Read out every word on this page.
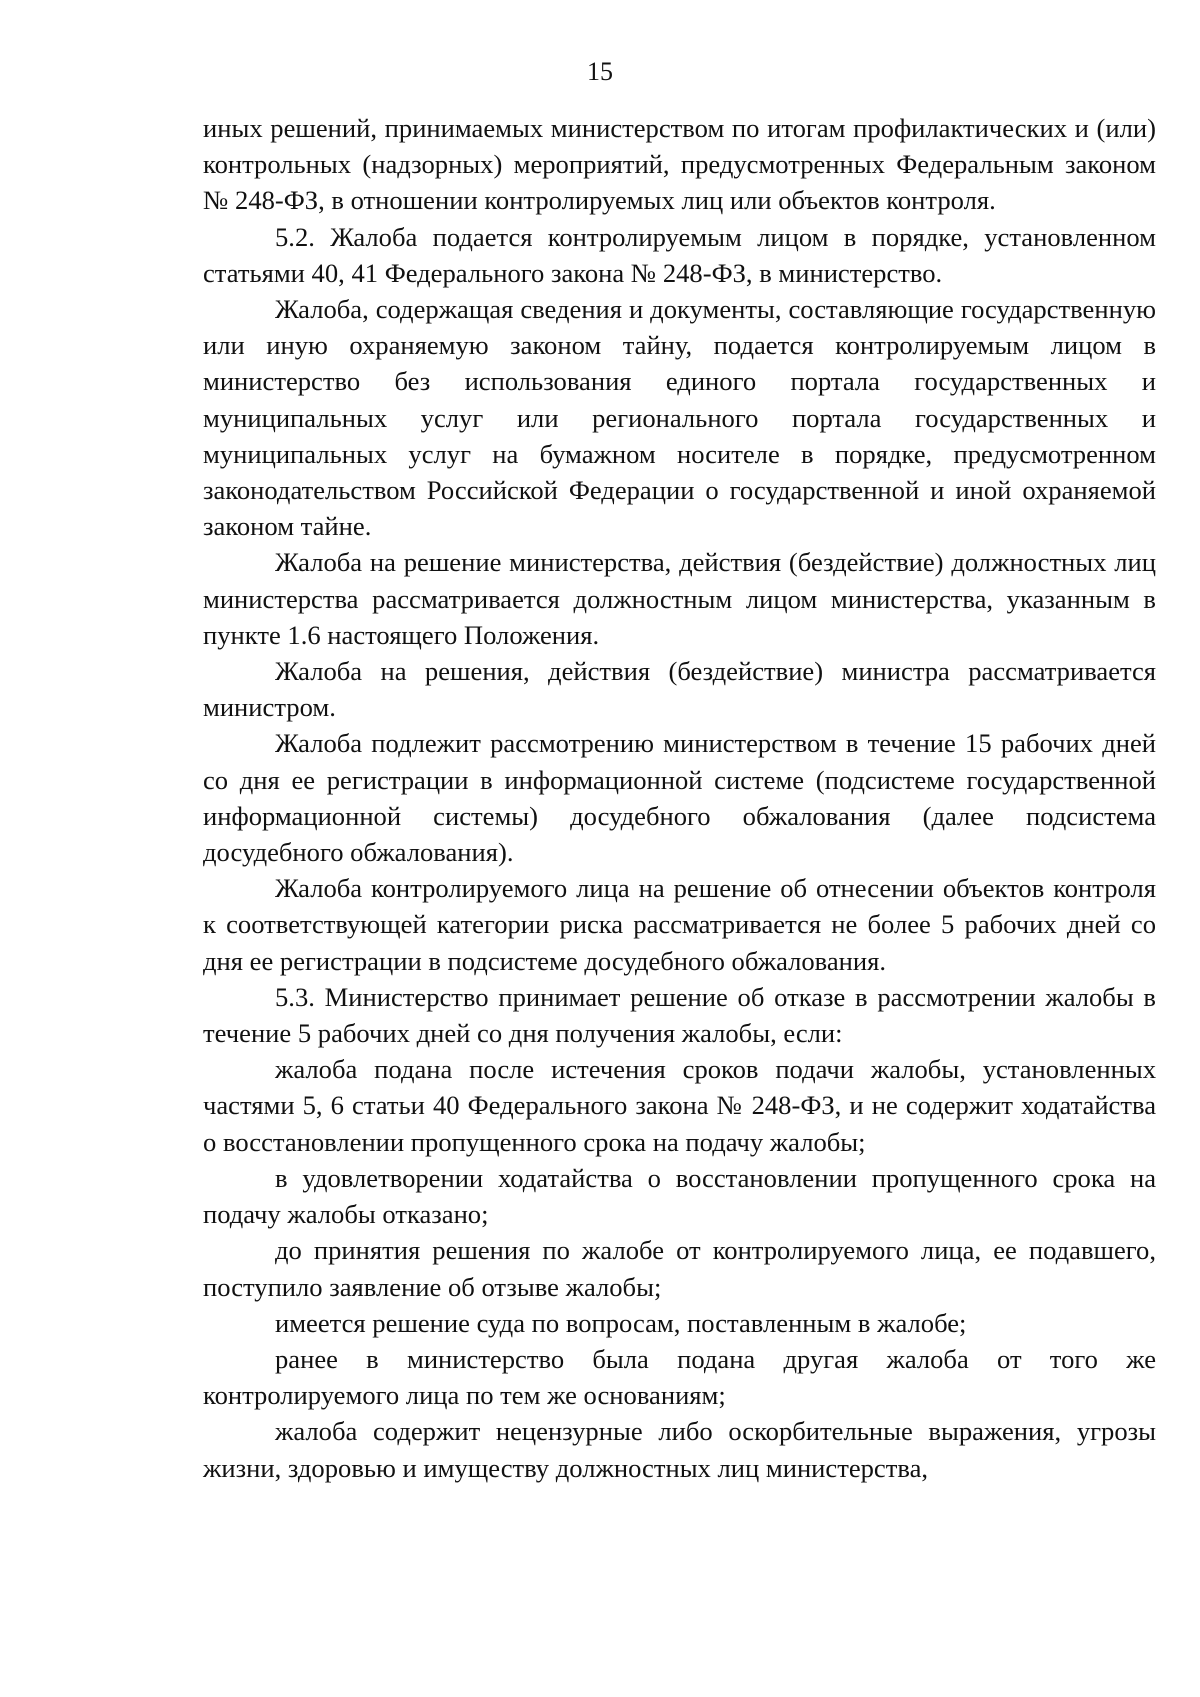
15

иных решений, принимаемых министерством по итогам профилактических и (или) контрольных (надзорных) мероприятий, предусмотренных Федеральным законом № 248-ФЗ, в отношении контролируемых лиц или объектов контроля.

5.2. Жалоба подается контролируемым лицом в порядке, установленном статьями 40, 41 Федерального закона № 248-ФЗ, в министерство.

Жалоба, содержащая сведения и документы, составляющие государственную или иную охраняемую законом тайну, подается контролируемым лицом в министерство без использования единого портала государственных и муниципальных услуг или регионального портала государственных и муниципальных услуг на бумажном носителе в порядке, предусмотренном законодательством Российской Федерации о государственной и иной охраняемой законом тайне.

Жалоба на решение министерства, действия (бездействие) должностных лиц министерства рассматривается должностным лицом министерства, указанным в пункте 1.6 настоящего Положения.

Жалоба на решения, действия (бездействие) министра рассматривается министром.

Жалоба подлежит рассмотрению министерством в течение 15 рабочих дней со дня ее регистрации в информационной системе (подсистеме государственной информационной системы) досудебного обжалования (далее подсистема досудебного обжалования).

Жалоба контролируемого лица на решение об отнесении объектов контроля к соответствующей категории риска рассматривается не более 5 рабочих дней со дня ее регистрации в подсистеме досудебного обжалования.

5.3. Министерство принимает решение об отказе в рассмотрении жалобы в течение 5 рабочих дней со дня получения жалобы, если:

жалоба подана после истечения сроков подачи жалобы, установленных частями 5, 6 статьи 40 Федерального закона № 248-ФЗ, и не содержит ходатайства о восстановлении пропущенного срока на подачу жалобы;

в удовлетворении ходатайства о восстановлении пропущенного срока на подачу жалобы отказано;

до принятия решения по жалобе от контролируемого лица, ее подавшего, поступило заявление об отзыве жалобы;

имеется решение суда по вопросам, поставленным в жалобе;

ранее в министерство была подана другая жалоба от того же контролируемого лица по тем же основаниям;

жалоба содержит нецензурные либо оскорбительные выражения, угрозы жизни, здоровью и имуществу должностных лиц министерства,
